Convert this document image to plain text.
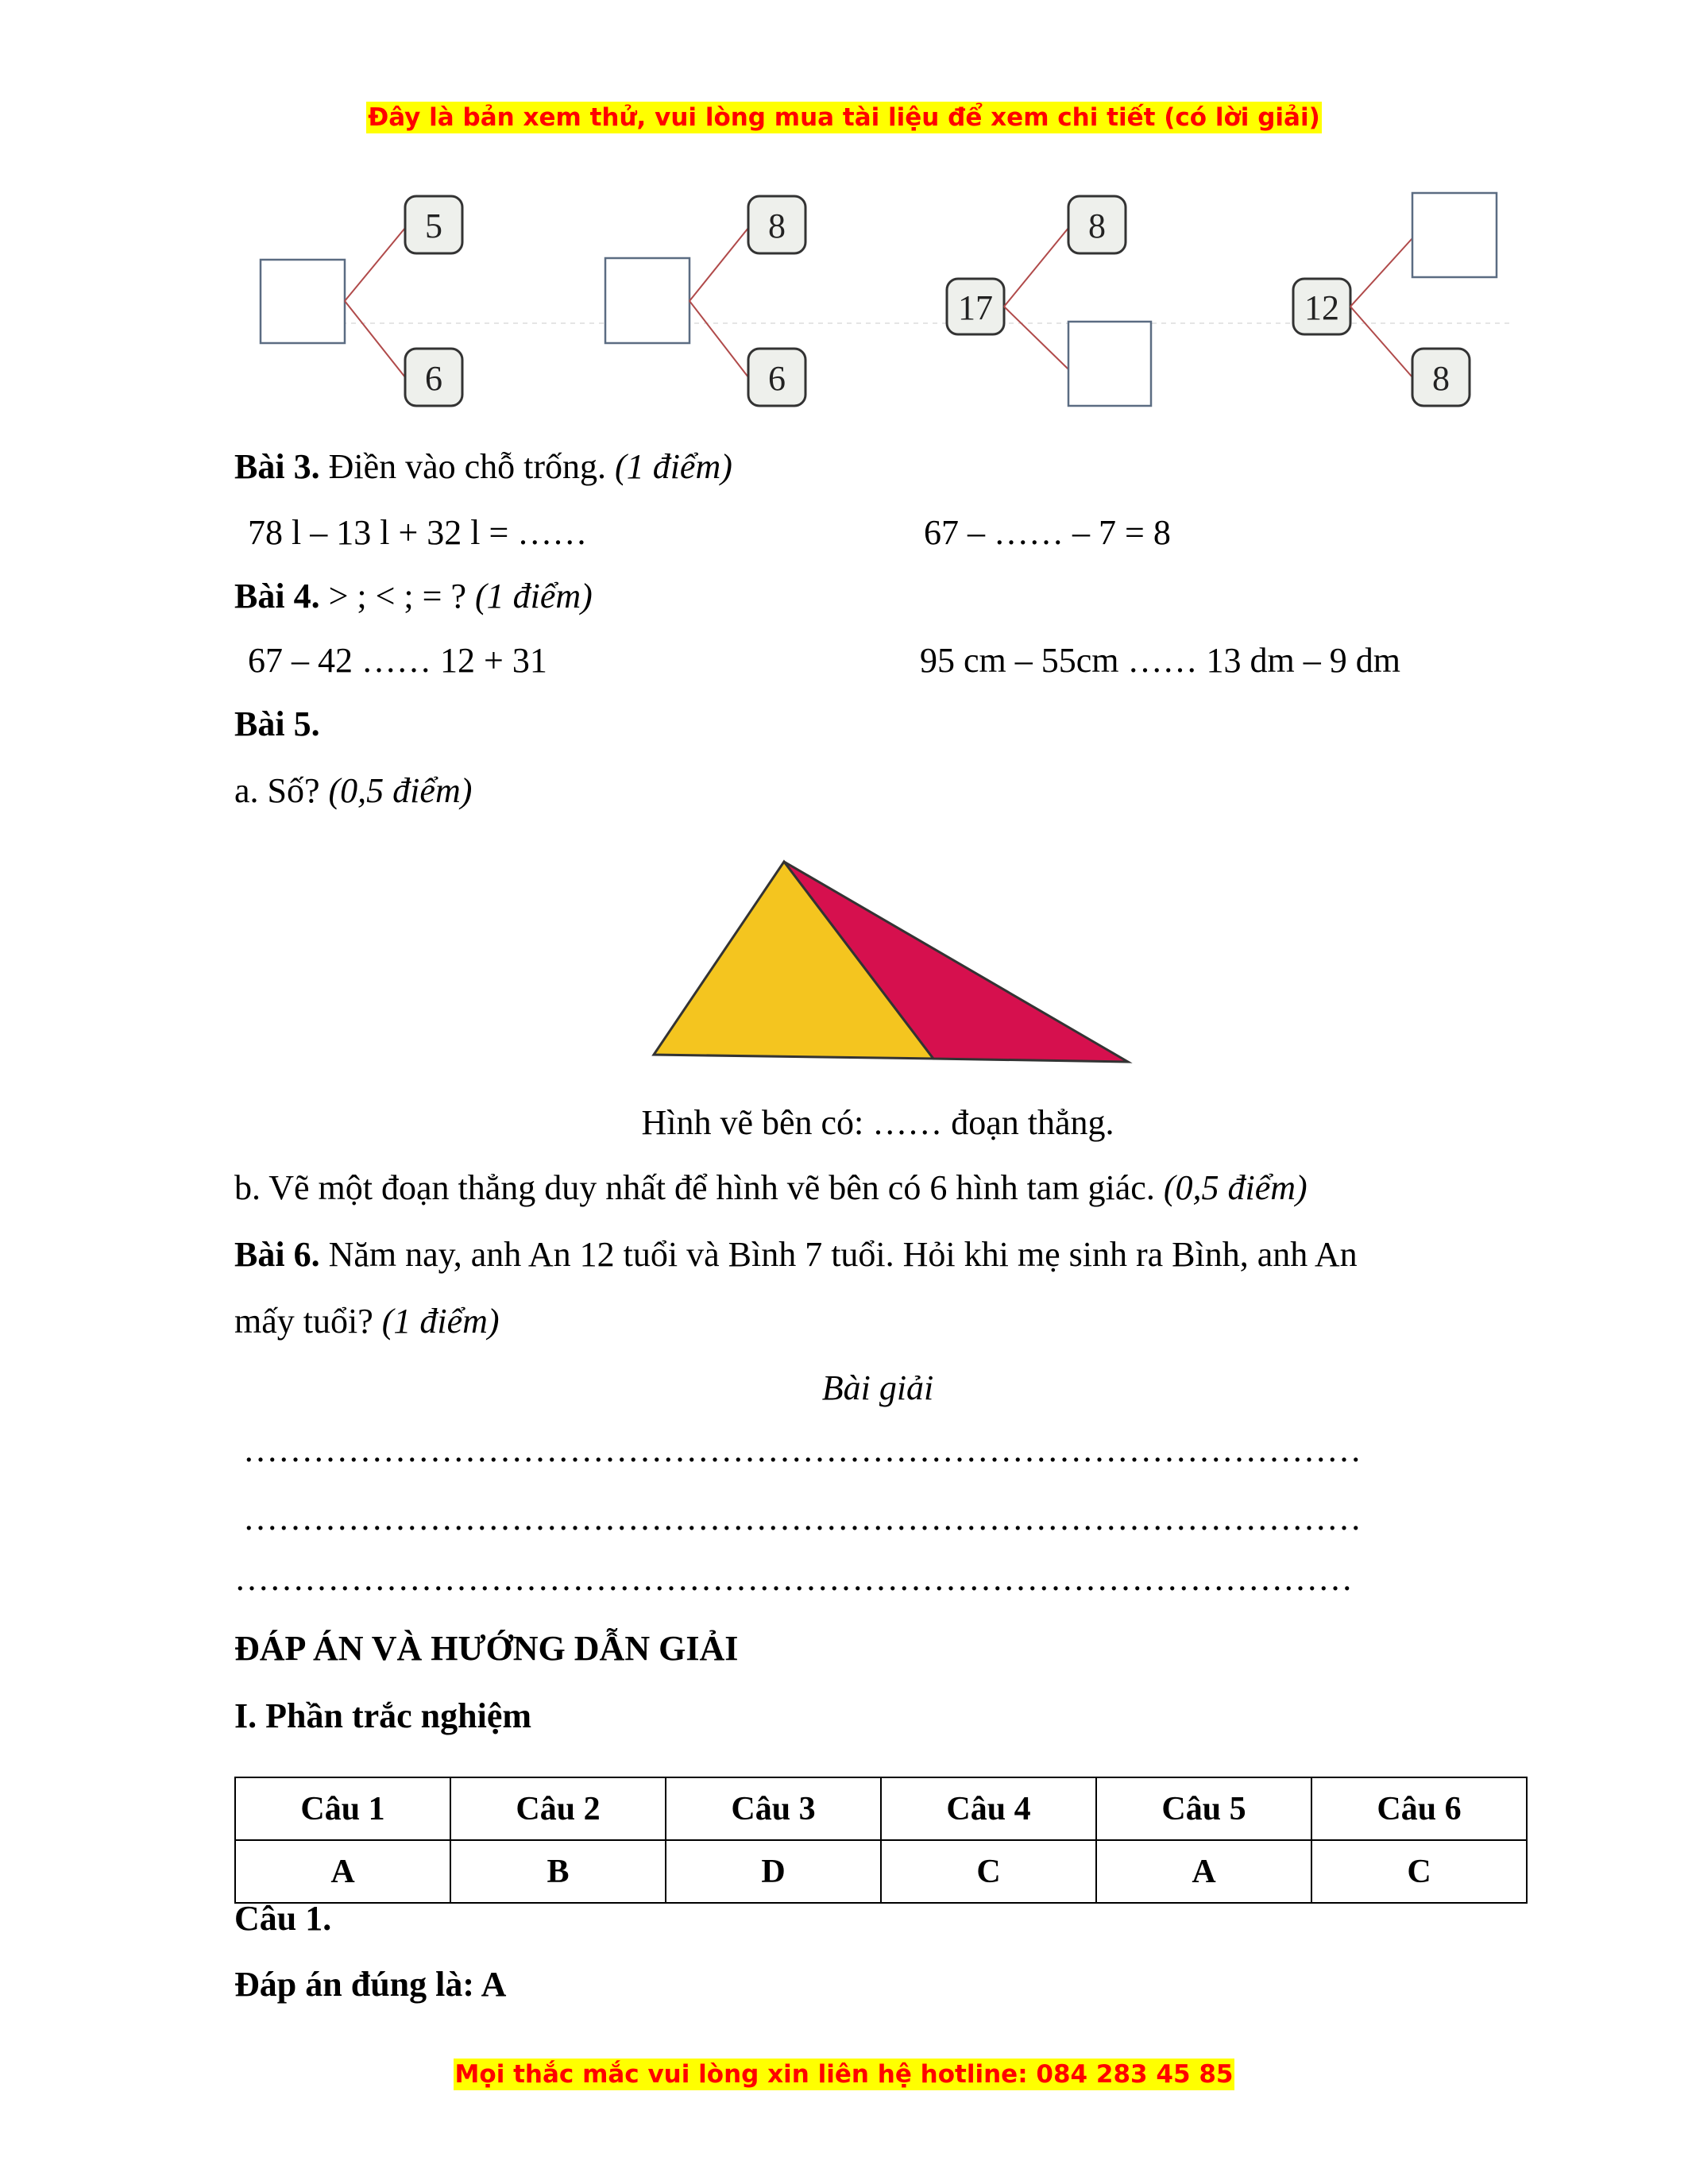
Đây là bản xem thử, vui lòng mua tài liệu để xem chi tiết (có lời giải)
5
6
8
6
17
8
12
8
Bài 3. Điền vào chỗ trống. (1 điểm)
78 l – 13 l + 32 l = ……	67 – …… – 7 = 8
Bài 4. > ; < ; = ? (1 điểm)
67 – 42 …… 12 + 31	95 cm – 55cm …… 13 dm – 9 dm
Bài 5.
a. Số? (0,5 điểm)
Hình vẽ bên có: …… đoạn thẳng.
b. Vẽ một đoạn thẳng duy nhất để hình vẽ bên có 6 hình tam giác. (0,5 điểm)
Bài 6. Năm nay, anh An 12 tuổi và Bình 7 tuổi. Hỏi khi mẹ sinh ra Bình, anh An
mấy tuổi? (1 điểm)
Bài giải
……………………………………………………………………………………
……………………………………………………………………………………
……………………………………………………………………………………
ĐÁP ÁN VÀ HƯỚNG DẪN GIẢI
I. Phần trắc nghiệm
Câu 1	Câu 2	Câu 3	Câu 4	Câu 5	Câu 6
A	B	D	C	A	C
Câu 1.
Đáp án đúng là: A
Mọi thắc mắc vui lòng xin liên hệ hotline: 084 283 45 85
